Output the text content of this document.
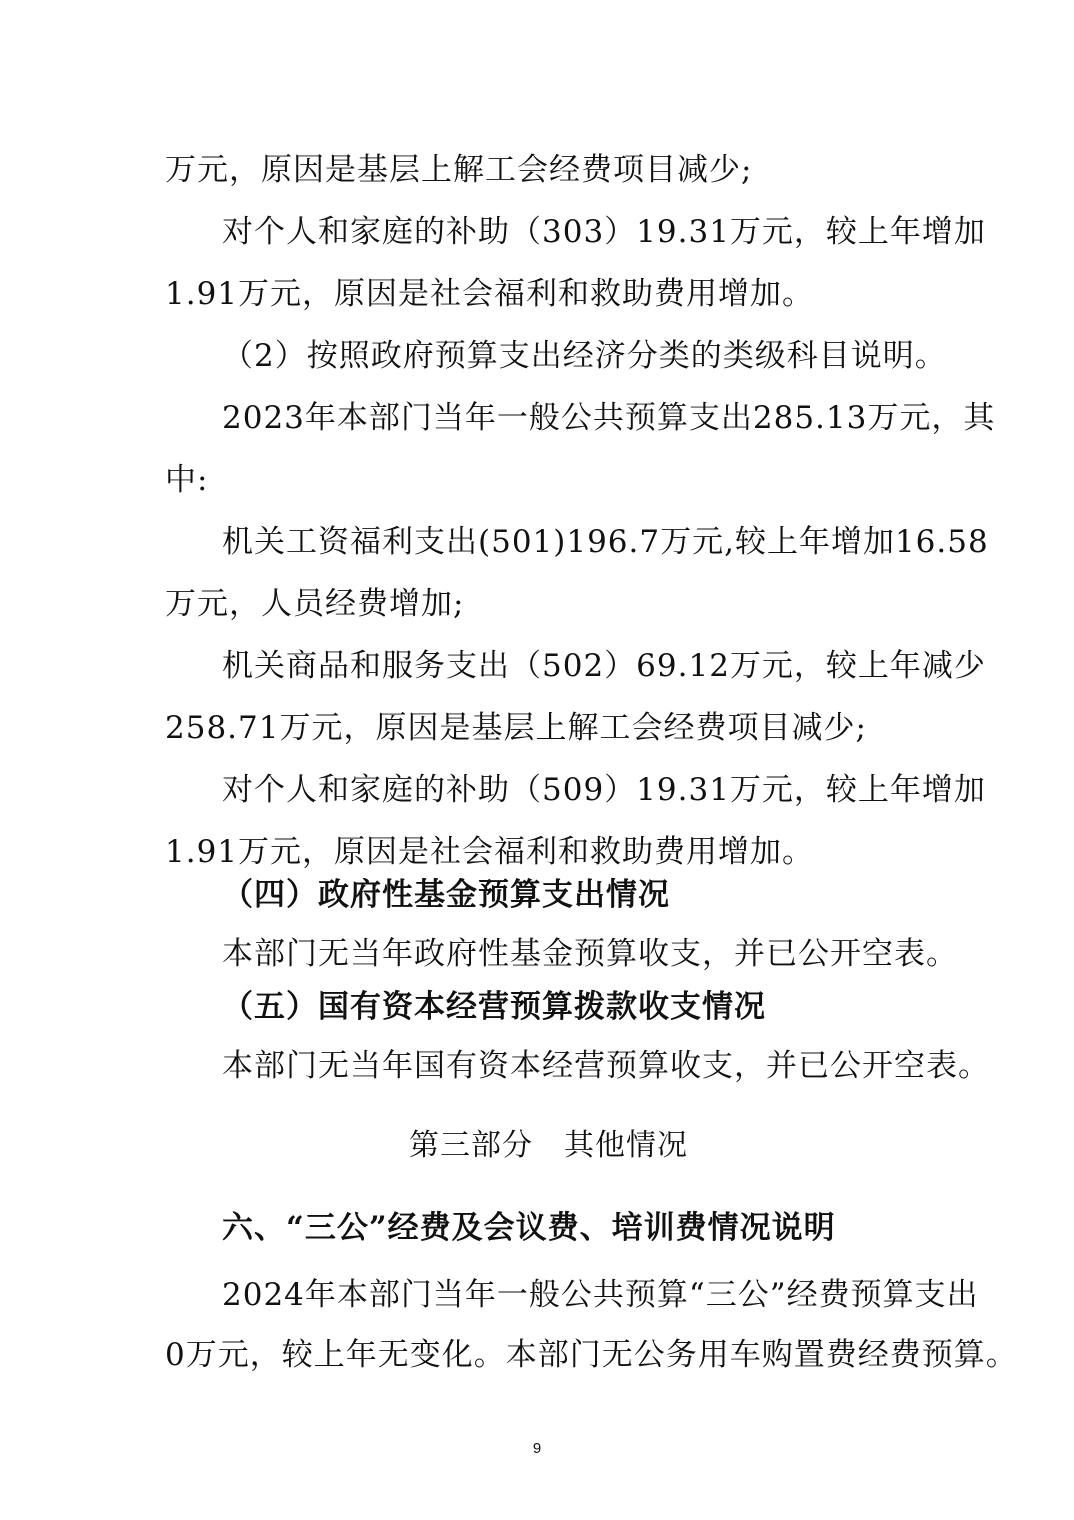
万元，原因是基层上解工会经费项目减少;
对个人和家庭的补助（303）19.31万元，较上年增加
1.91万元，原因是社会福利和救助费用增加。
（2）按照政府预算支出经济分类的类级科目说明。
2023年本部门当年一般公共预算支出285.13万元，其
中:
机关工资福利支出(501)196.7万元,较上年增加16.58
万元，人员经费增加;
机关商品和服务支出（502）69.12万元，较上年减少
258.71万元，原因是基层上解工会经费项目减少;
对个人和家庭的补助（509）19.31万元，较上年增加
1.91万元，原因是社会福利和救助费用增加。
（四）政府性基金预算支出情况
本部门无当年政府性基金预算收支，并已公开空表。
（五）国有资本经营预算拨款收支情况
本部门无当年国有资本经营预算收支，并已公开空表。
第三部分　其他情况
六、“三公”经费及会议费、培训费情况说明
2024年本部门当年一般公共预算“三公”经费预算支出
0万元，较上年无变化。本部门无公务用车购置费经费预算。
9
